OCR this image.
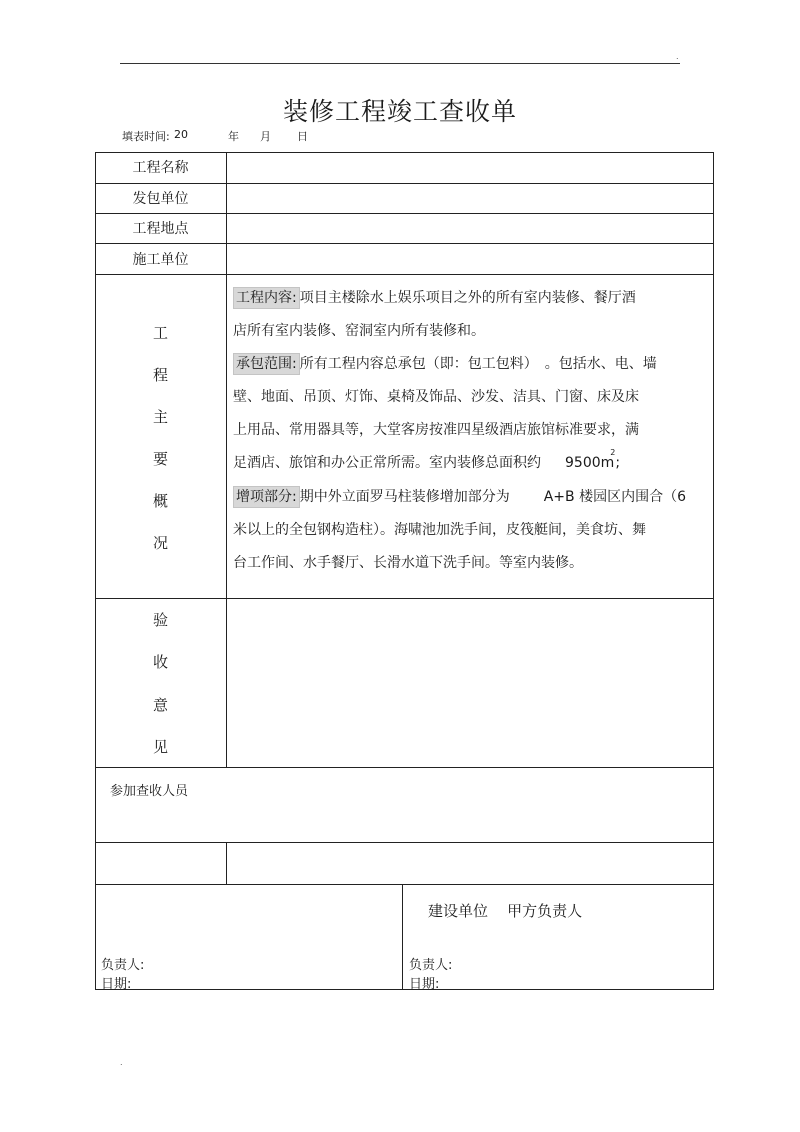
.
装修工程竣工查收单
填表时间: 20	年 月 日
工程名称
发包单位
工程地点
施工单位
工
程
主
要
概
况
工程内容: 项目主楼除水上娱乐项目之外的所有室内装修、餐厅酒
店所有室内装修、窑洞室内所有装修和。
承包范围: 所有工程内容总承包（即：包工包料） 。包括水、电、墙
壁、地面、吊顶、灯饰、桌椅及饰品、沙发、洁具、门窗、床及床
上用品、常用器具等，大堂客房按准四星级酒店旅馆标准要求，满
足酒店、旅馆和办公正常所需。室内装修总面积约 $9500m^2$;
增项部分: 期中外立面罗马柱装修增加部分为 A+B 楼园区内围合（6
米以上的全包钢构造柱）。海啸池加洗手间，皮筏艇间，美食坊、舞
台工作间、水手餐厅、长滑水道下洗手间。等室内装修。
验
收
意
见
参加查收人员
建设单位    甲方负责人
负责人:
日期:
负责人:
日期:
.
